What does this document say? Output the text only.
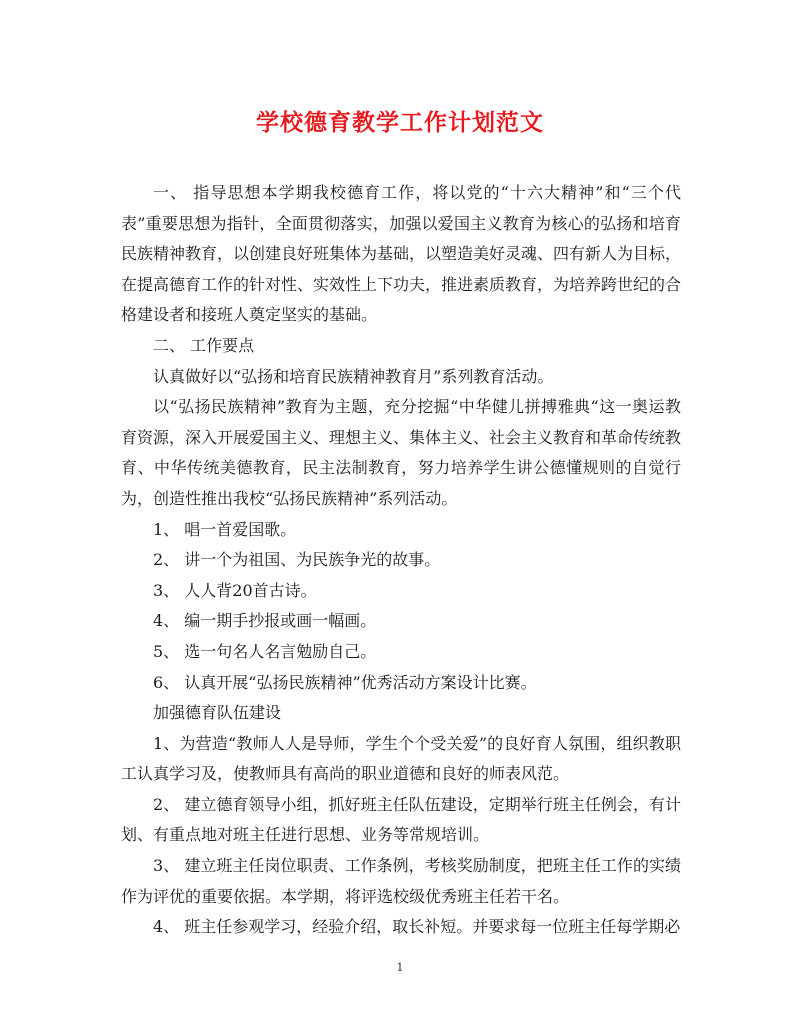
学校德育教学工作计划范文

一、 指导思想本学期我校德育工作，将以党的“十六大精神”和“三个代表”重要思想为指针，全面贯彻落实，加强以爱国主义教育为核心的弘扬和培育民族精神教育，以创建良好班集体为基础，以塑造美好灵魂、四有新人为目标，在提高德育工作的针对性、实效性上下功夫，推进素质教育，为培养跨世纪的合格建设者和接班人奠定坚实的基础。

二、 工作要点

认真做好以“弘扬和培育民族精神教育月”系列教育活动。

以“弘扬民族精神”教育为主题，充分挖掘“中华健儿拼搏雅典“这一奥运教育资源，深入开展爱国主义、理想主义、集体主义、社会主义教育和革命传统教育、中华传统美德教育，民主法制教育，努力培养学生讲公德懂规则的自觉行为，创造性推出我校“弘扬民族精神”系列活动。

1、 唱一首爱国歌。

2、 讲一个为祖国、为民族争光的故事。

3、 人人背20首古诗。

4、 编一期手抄报或画一幅画。

5、 选一句名人名言勉励自己。

6、 认真开展“弘扬民族精神”优秀活动方案设计比赛。

加强德育队伍建设

1、为营造“教师人人是导师，学生个个受关爱”的良好育人氛围，组织教职工认真学习及，使教师具有高尚的职业道德和良好的师表风范。

2、 建立德育领导小组，抓好班主任队伍建设，定期举行班主任例会，有计划、有重点地对班主任进行思想、业务等常规培训。

3、 建立班主任岗位职责、工作条例，考核奖励制度，把班主任工作的实绩作为评优的重要依据。本学期，将评选校级优秀班主任若干名。

4、 班主任参观学习，经验介绍，取长补短。并要求每一位班主任每学期必

1
